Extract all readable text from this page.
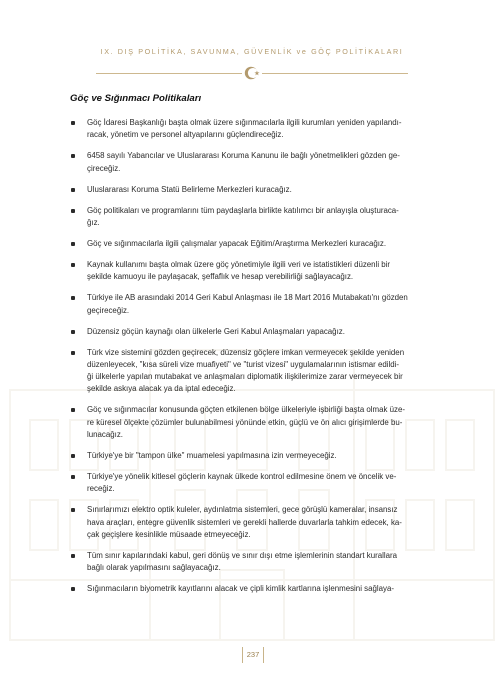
IX. DIŞ POLİTİKA, SAVUNMA, GÜVENLİK ve GÖÇ POLİTİKALARI
Göç ve Sığınmacı Politikaları
Göç İdaresi Başkanlığı başta olmak üzere sığınmacılarla ilgili kurumları yeniden yapılandı-
racak, yönetim ve personel altyapılarını güçlendireceğiz.
6458 sayılı Yabancılar ve Uluslararası Koruma Kanunu ile bağlı yönetmelikleri gözden ge-
çireceğiz.
Uluslararası Koruma Statü Belirleme Merkezleri kuracağız.
Göç politikaları ve programlarını tüm paydaşlarla birlikte katılımcı bir anlayışla oluşturaca-
ğız.
Göç ve sığınmacılarla ilgili çalışmalar yapacak Eğitim/Araştırma Merkezleri kuracağız.
Kaynak kullanımı başta olmak üzere göç yönetimiyle ilgili veri ve istatistikleri düzenli bir
şekilde kamuoyu ile paylaşacak, şeffaflık ve hesap verebilirliği sağlayacağız.
Türkiye ile AB arasındaki 2014 Geri Kabul Anlaşması ile 18 Mart 2016 Mutabakatı'nı gözden
geçireceğiz.
Düzensiz göçün kaynağı olan ülkelerle Geri Kabul Anlaşmaları yapacağız.
Türk vize sistemini gözden geçirecek, düzensiz göçlere imkan vermeyecek şekilde yeniden
düzenleyecek, "kısa süreli vize muafiyeti" ve "turist vizesi" uygulamalarının istismar edildi-
ği ülkelerle yapılan mutabakat ve anlaşmaları diplomatik ilişkilerimize zarar vermeyecek bir
şekilde askıya alacak ya da iptal edeceğiz.
Göç ve sığınmacılar konusunda göçten etkilenen bölge ülkeleriyle işbirliği başta olmak üze-
re küresel ölçekte çözümler bulunabilmesi yönünde etkin, güçlü ve ön alıcı girişimlerde bu-
lunacağız.
Türkiye'ye bir "tampon ülke" muamelesi yapılmasına izin vermeyeceğiz.
Türkiye'ye yönelik kitlesel göçlerin kaynak ülkede kontrol edilmesine önem ve öncelik ve-
receğiz.
Sınırlarımızı elektro optik kuleler, aydınlatma sistemleri, gece görüşlü kameralar, insansız
hava araçları, entegre güvenlik sistemleri ve gerekli hallerde duvarlarla tahkim edecek, ka-
çak geçişlere kesinlikle müsaade etmeyeceğiz.
Tüm sınır kapılarındaki kabul, geri dönüş ve sınır dışı etme işlemlerinin standart kurallara
bağlı olarak yapılmasını sağlayacağız.
Sığınmacıların biyometrik kayıtlarını alacak ve çipli kimlik kartlarına işlenmesini sağlaya-
237
